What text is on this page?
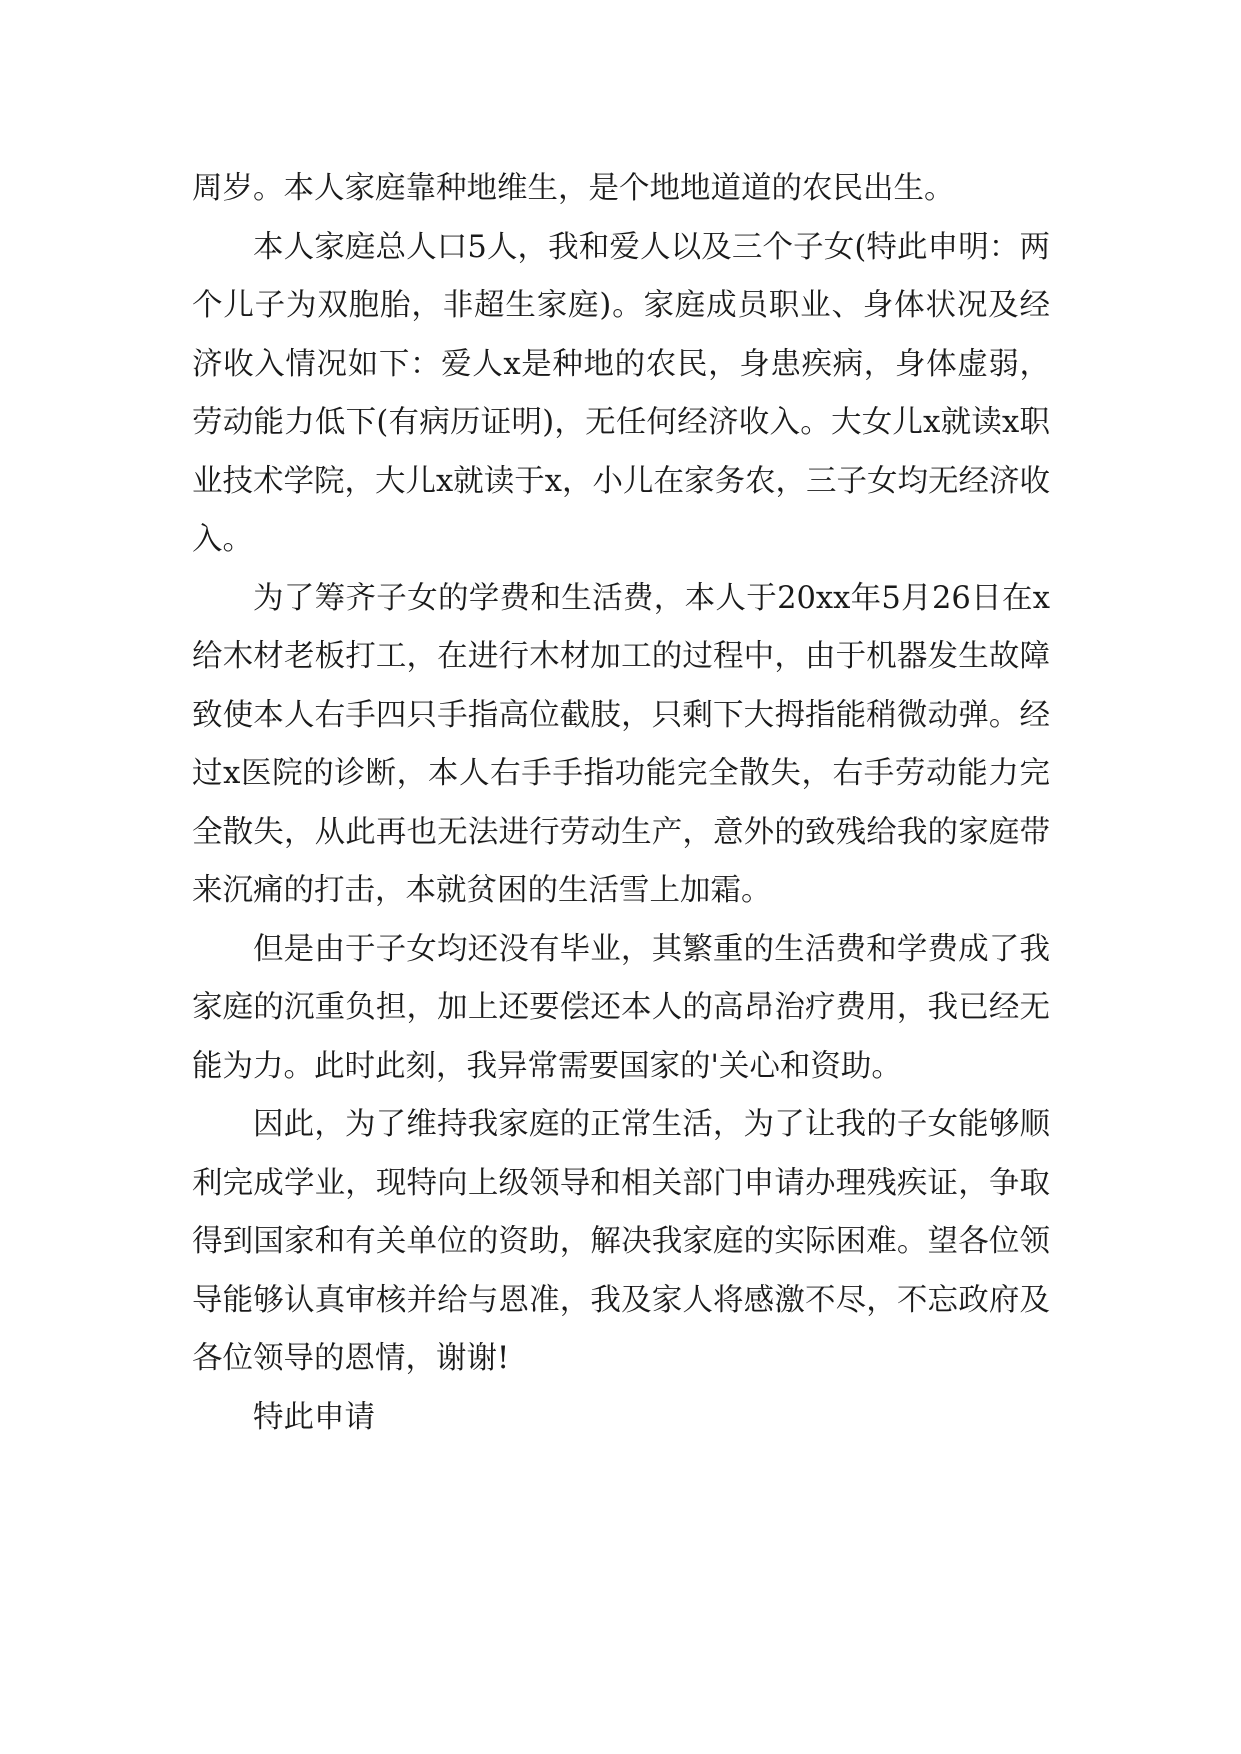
周岁。本人家庭靠种地维生，是个地地道道的农民出生。

本人家庭总人口5人，我和爱人以及三个子女(特此申明：两个儿子为双胞胎，非超生家庭)。家庭成员职业、身体状况及经济收入情况如下：爱人x是种地的农民，身患疾病，身体虚弱，劳动能力低下(有病历证明)，无任何经济收入。大女儿x就读x职业技术学院，大儿x就读于x，小儿在家务农，三子女均无经济收入。

为了筹齐子女的学费和生活费，本人于20xx年5月26日在x给木材老板打工，在进行木材加工的过程中，由于机器发生故障致使本人右手四只手指高位截肢，只剩下大拇指能稍微动弹。经过x医院的诊断，本人右手手指功能完全散失，右手劳动能力完全散失，从此再也无法进行劳动生产，意外的致残给我的家庭带来沉痛的打击，本就贫困的生活雪上加霜。

但是由于子女均还没有毕业，其繁重的生活费和学费成了我家庭的沉重负担，加上还要偿还本人的高昂治疗费用，我已经无能为力。此时此刻，我异常需要国家的'关心和资助。

因此，为了维持我家庭的正常生活，为了让我的子女能够顺利完成学业，现特向上级领导和相关部门申请办理残疾证，争取得到国家和有关单位的资助，解决我家庭的实际困难。望各位领导能够认真审核并给与恩准，我及家人将感激不尽，不忘政府及各位领导的恩情，谢谢!

特此申请
